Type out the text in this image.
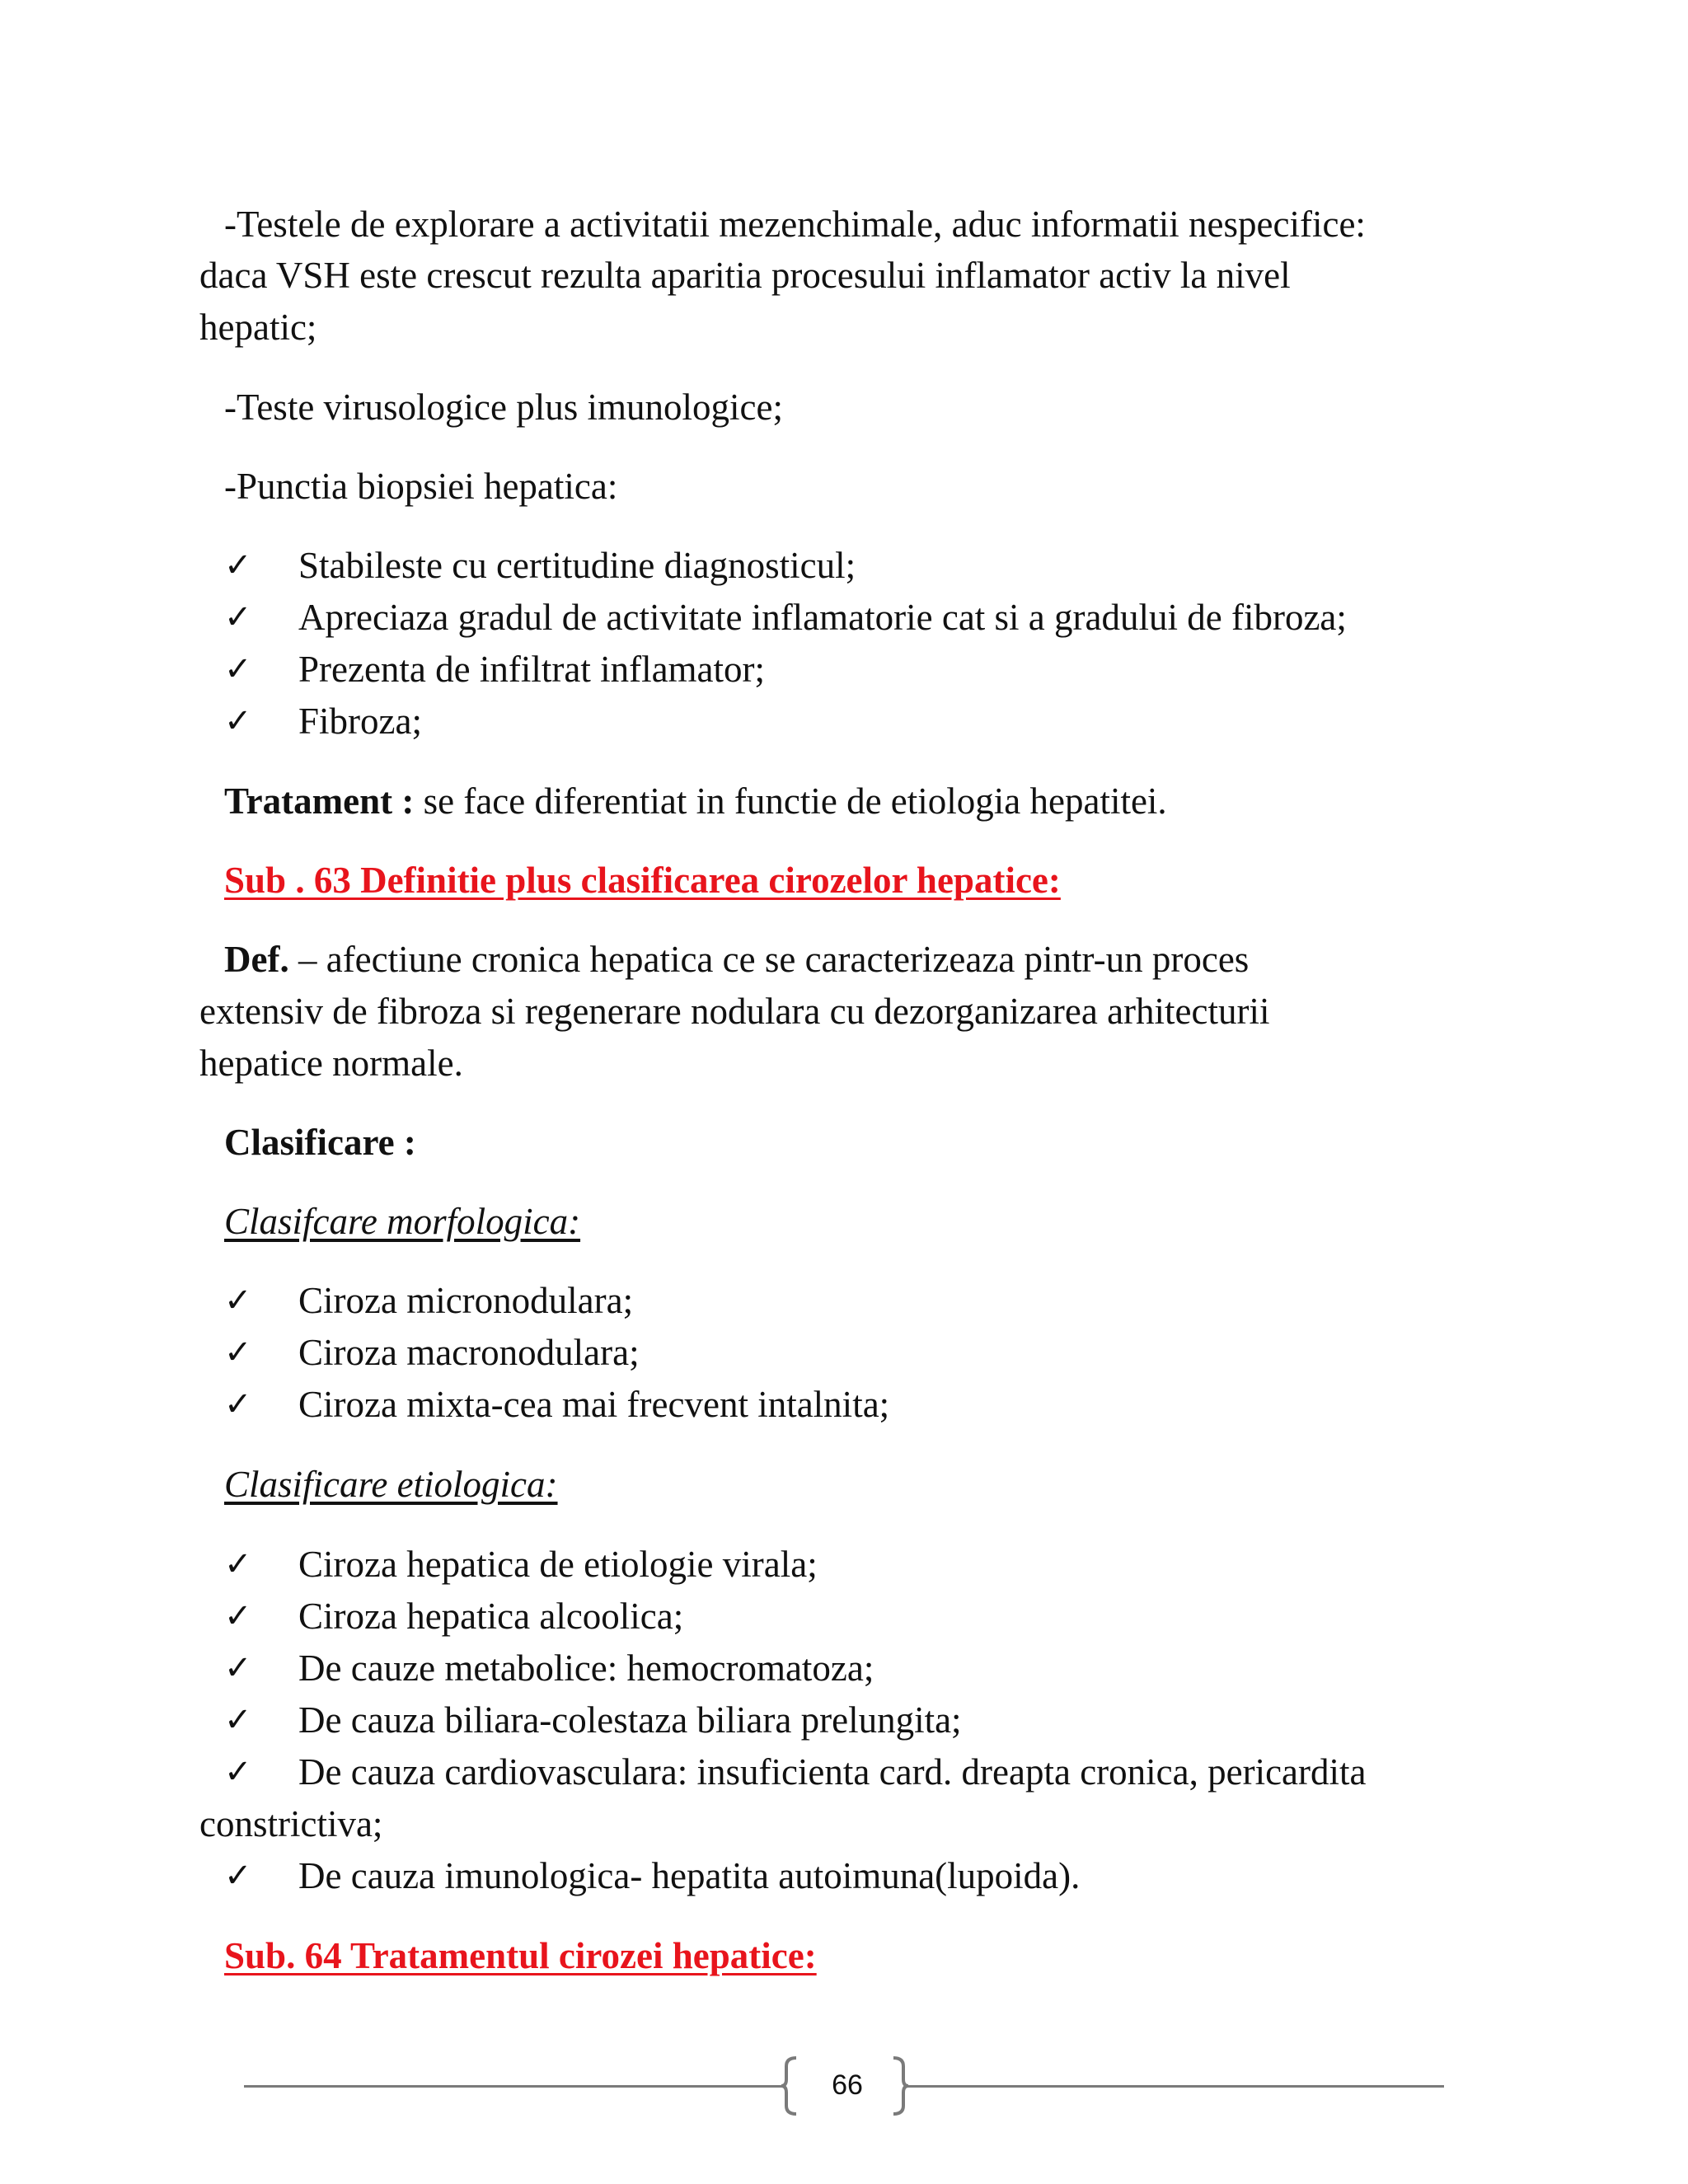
-Testele de explorare a activitatii mezenchimale, aduc informatii nespecifice:
daca VSH este crescut rezulta aparitia procesului inflamator activ la nivel
hepatic;
-Teste virusologice plus imunologice;
-Punctia biopsiei hepatica:
✓ Stabileste cu certitudine diagnosticul;
✓ Apreciaza gradul de activitate inflamatorie cat si a gradului de fibroza;
✓ Prezenta de infiltrat inflamator;
✓ Fibroza;
Tratament : se face diferentiat in functie de etiologia hepatitei.
Sub . 63 Definitie plus clasificarea cirozelor hepatice:
Def. – afectiune cronica hepatica ce se caracterizeaza pintr-un proces
extensiv de fibroza si regenerare nodulara cu dezorganizarea arhitecturii
hepatice normale.
Clasificare :
Clasifcare morfologica:
✓ Ciroza micronodulara;
✓ Ciroza macronodulara;
✓ Ciroza mixta-cea mai frecvent intalnita;
Clasificare etiologica:
✓ Ciroza hepatica de etiologie virala;
✓ Ciroza hepatica alcoolica;
✓ De cauze metabolice: hemocromatoza;
✓ De cauza biliara-colestaza biliara prelungita;
✓ De cauza cardiovasculara: insuficienta card. dreapta cronica, pericardita
constrictiva;
✓ De cauza imunologica- hepatita autoimuna(lupoida).
Sub. 64 Tratamentul cirozei hepatice:
66
